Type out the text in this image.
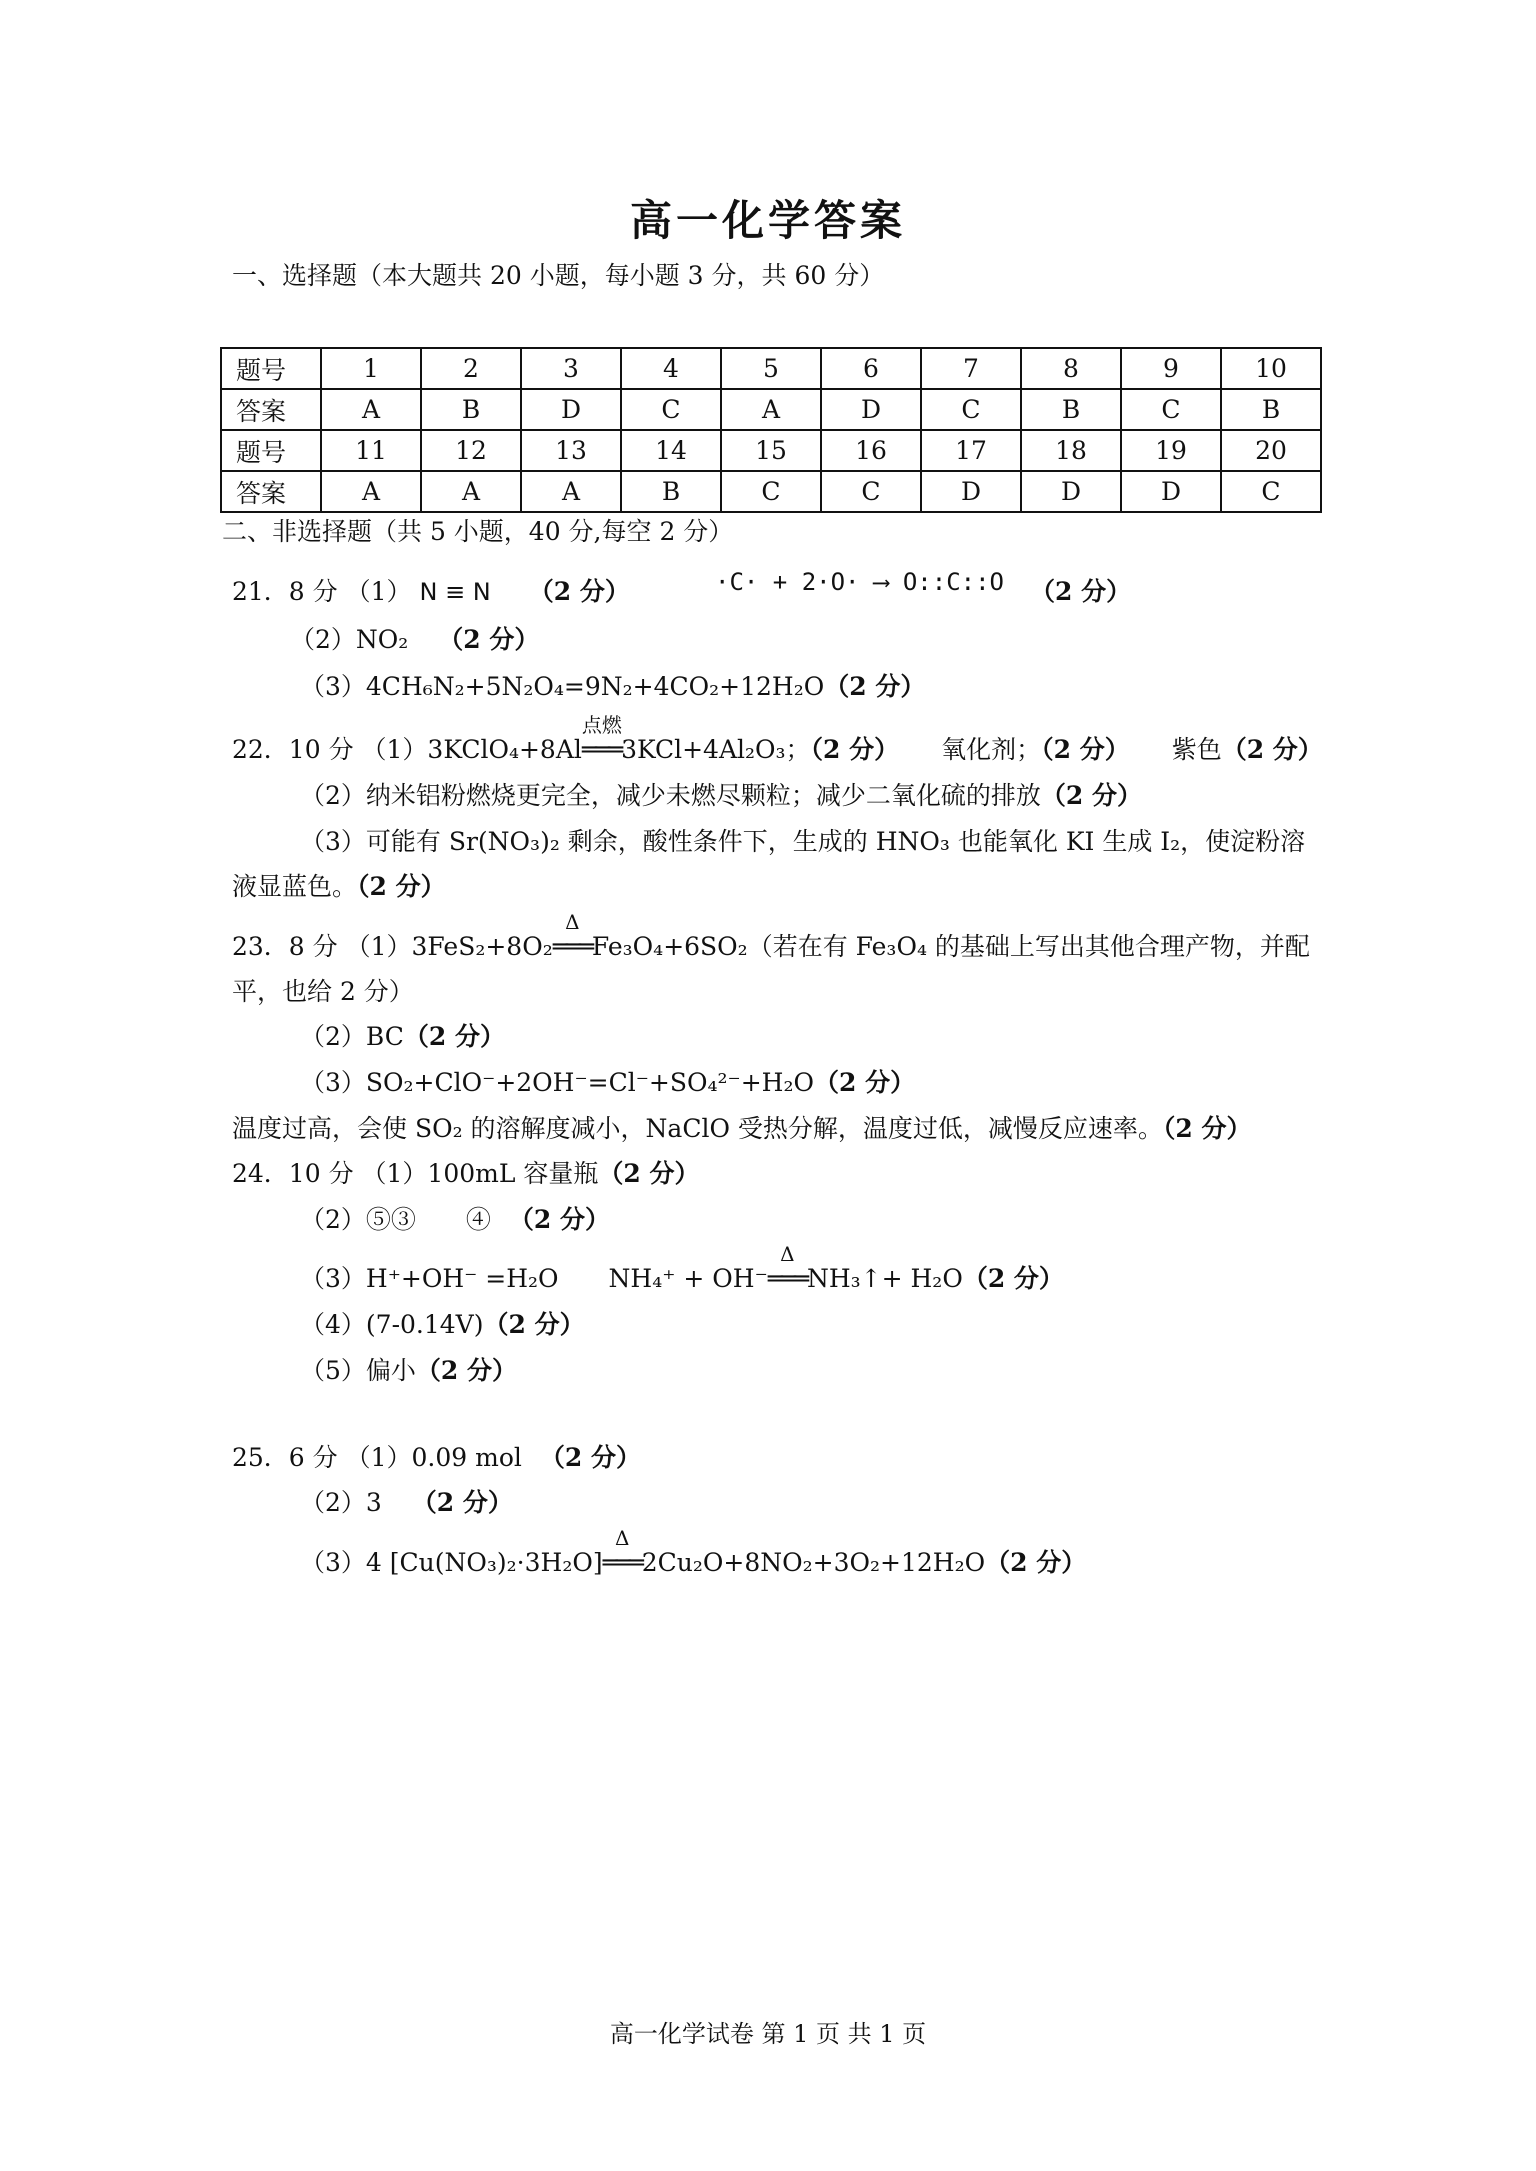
高一化学答案
一、选择题（本大题共 20 小题，每小题 3 分，共 60 分）
题号	1	2	3	4	5	6	7	8	9	10
答案	A	B	D	C	A	D	C	B	C	B
题号	11	12	13	14	15	16	17	18	19	20
答案	A	A	A	B	C	C	D	D	D	C
二、非选择题（共 5 小题，40 分,每空 2 分）
21．8 分 （1） N ≡ N （2 分）	·C· + 2·O· ⟶ O::C::O （2 分）
（2）NO₂ （2 分）
（3）4CH₆N₂+5N₂O₄=9N₂+4CO₂+12H₂O（2 分）
22．10 分 （1）3KClO₄+8Al
点燃
═══ 3KCl+4Al₂O₃；（2 分） 氧化剂；（2 分） 紫色（2 分）
（2）纳米铝粉燃烧更完全，减少未燃尽颗粒；减少二氧化硫的排放（2 分）
（3）可能有 Sr(NO₃)₂ 剩余，酸性条件下，生成的 HNO₃ 也能氧化 KI 生成 I₂，使淀粉溶
液显蓝色。（2 分）
23．8 分 （1）3FeS₂+8O₂
Δ
═══ Fe₃O₄+6SO₂（若在有 Fe₃O₄ 的基础上写出其他合理产物，并配
平，也给 2 分）
（2）BC（2 分）
（3）SO₂+ClO⁻+2OH⁻=Cl⁻+SO₄²⁻+H₂O（2 分）
温度过高，会使 SO₂ 的溶解度减小，NaClO 受热分解，温度过低，减慢反应速率。（2 分）
24．10 分 （1）100mL 容量瓶（2 分）
（2）⑤③　　④ （2 分）
（3）H⁺+OH⁻ =H₂O　　NH₄⁺ + OH⁻
Δ
═══ NH₃↑+ H₂O（2 分）
（4）(7-0.14V)（2 分）
（5）偏小（2 分）
25．6 分 （1）0.09 mol （2 分）
（2）3 （2 分）
（3）4 [Cu(NO₃)₂·3H₂O]
Δ
═══ 2Cu₂O+8NO₂+3O₂+12H₂O（2 分）
高一化学试卷 第 1 页 共 1 页
